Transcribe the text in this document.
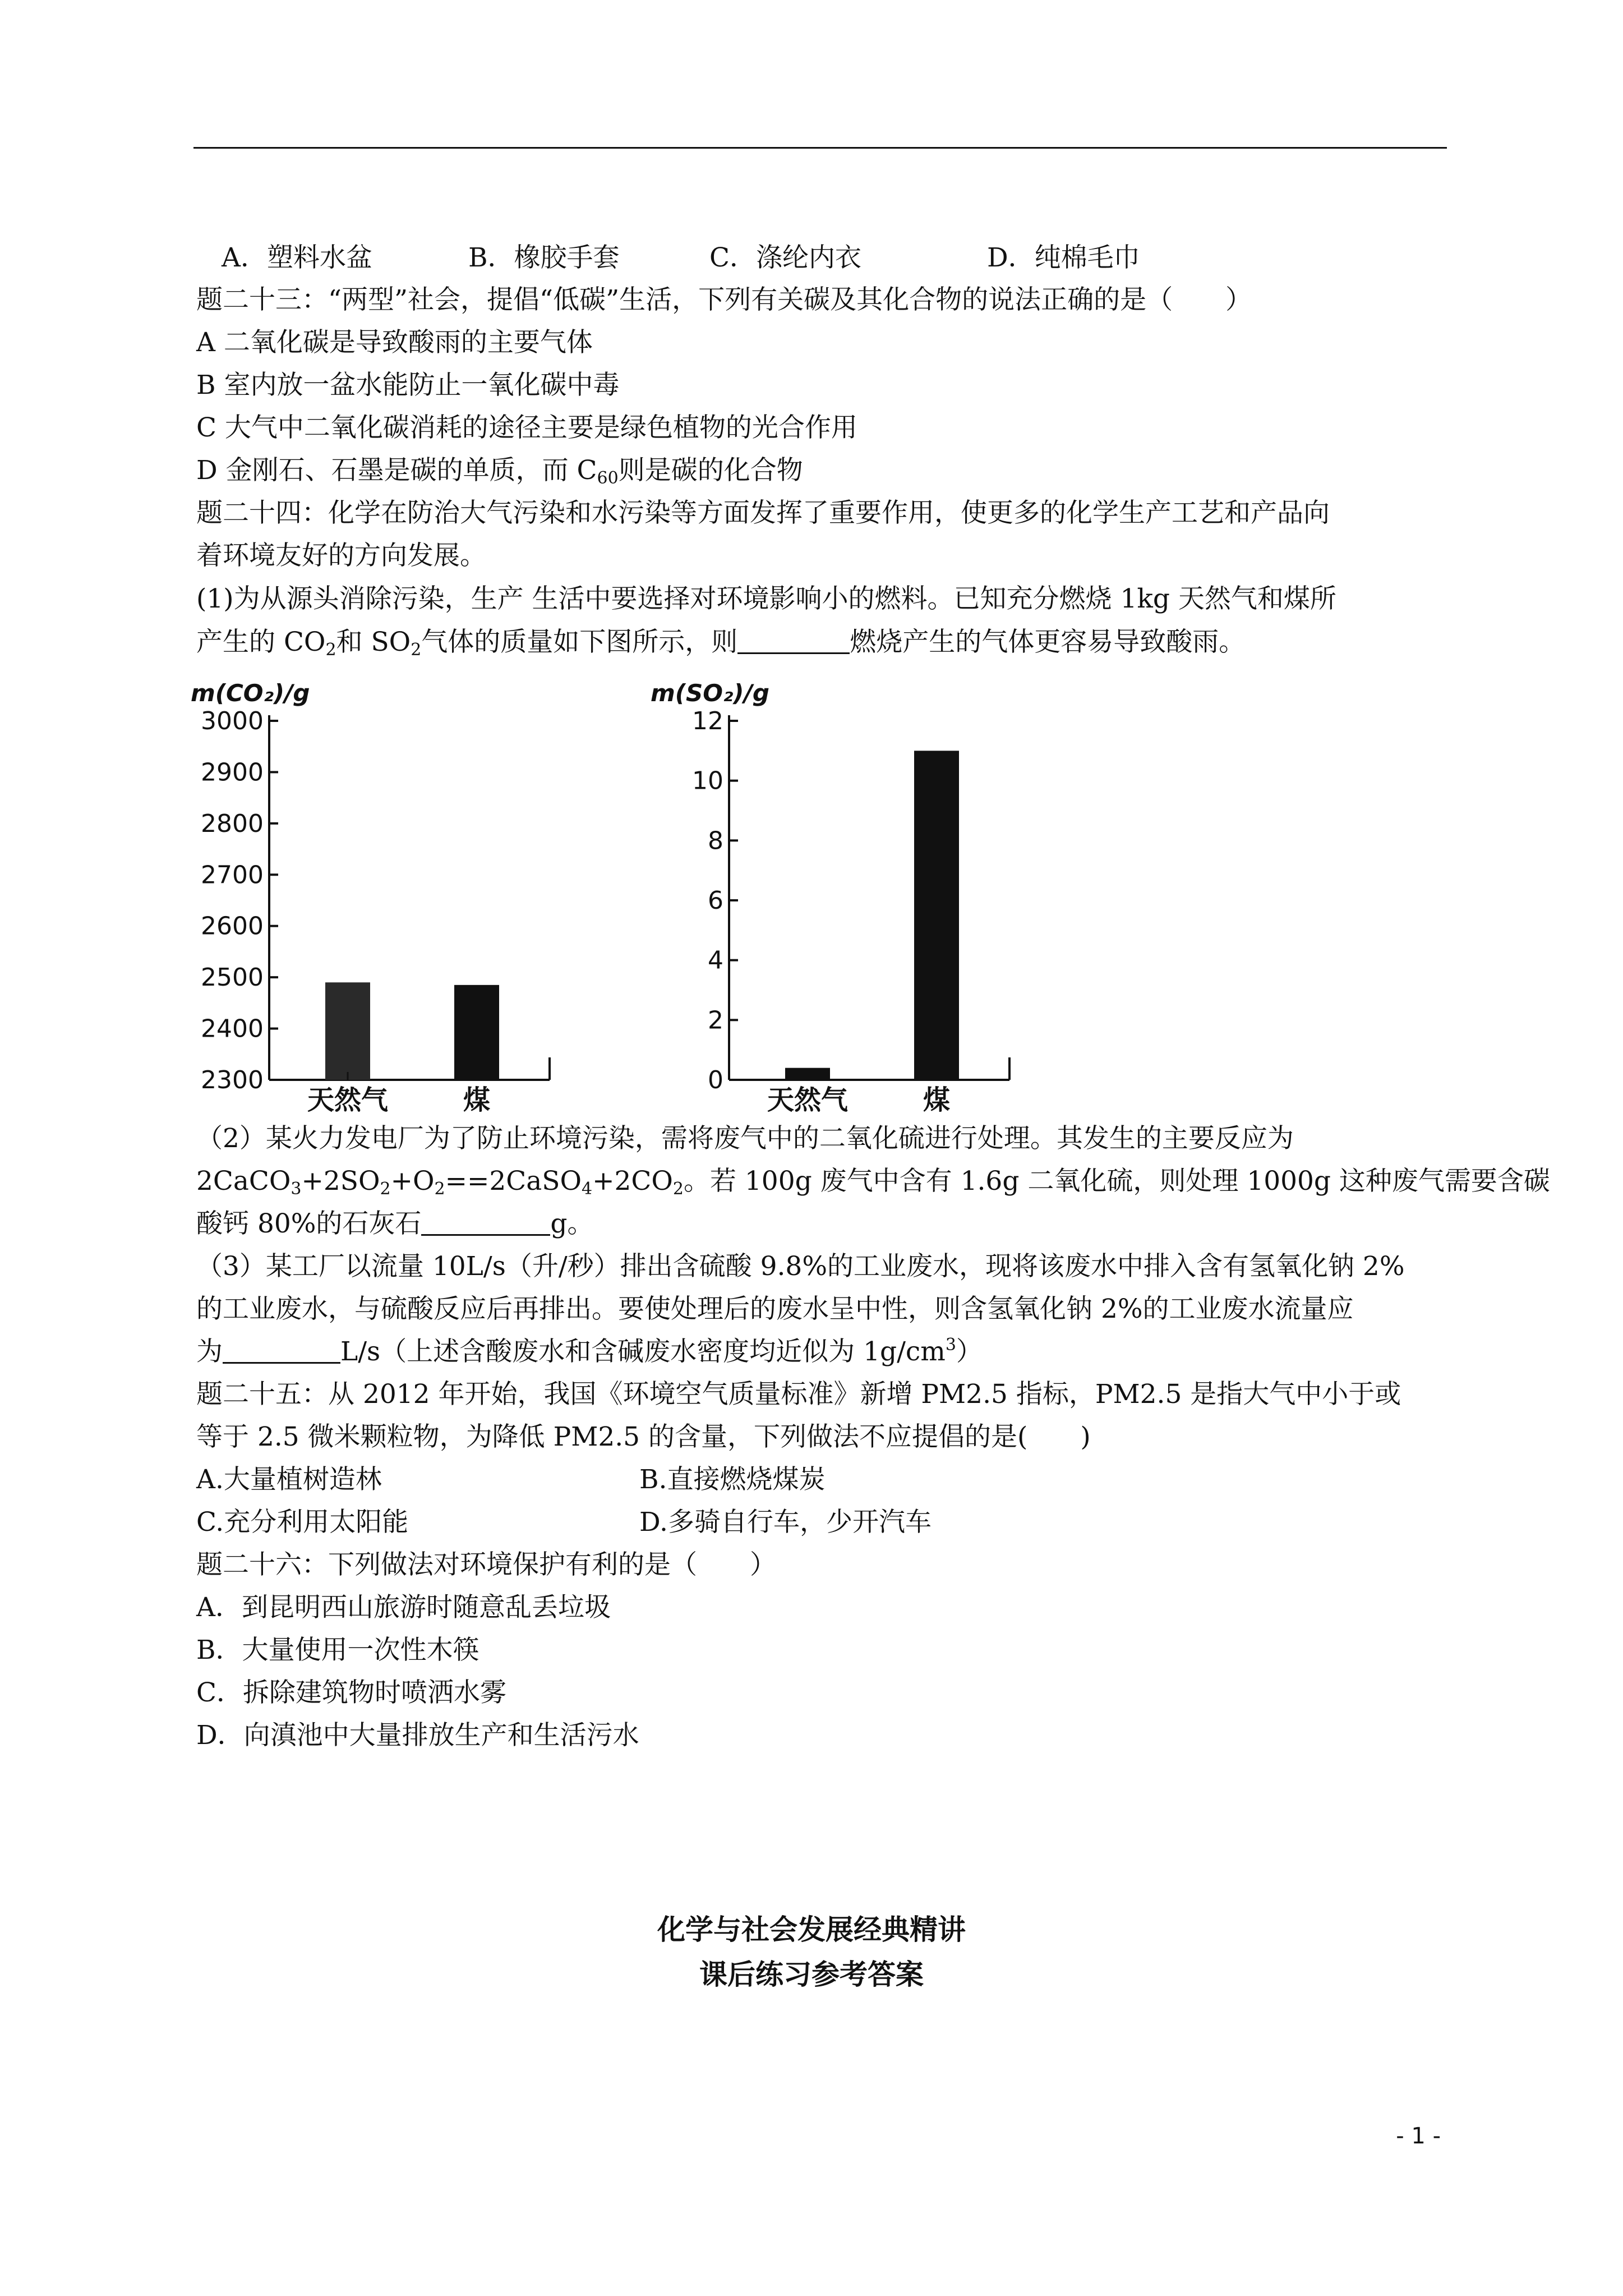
A．塑料水盆	B．橡胶手套	C．涤纶内衣	D．纯棉毛巾
题二十三：“两型”社会，提倡“低碳”生活，下列有关碳及其化合物的说法正确的是（　　）
A 二氧化碳是导致酸雨的主要气体
B 室内放一盆水能防止一氧化碳中毒
C 大气中二氧化碳消耗的途径主要是绿色植物的光合作用
D 金刚石、石墨是碳的单质，而 $C_{60}$则是碳的化合物
题二十四：化学在防治大气污染和水污染等方面发挥了重要作用，使更多的化学生产工艺和产品向
着环境友好的方向发展。
(1)为从源头消除污染，生产 生活中要选择对环境影响小的燃料。已知充分燃烧 1kg 天然气和煤所
产生的 $CO_2$和 $SO_2$气体的质量如下图所示，则	燃烧产生的气体更容易导致酸雨。
m(CO₂)/g
2300
2400
2500
2600
2700
2800
2900
3000
天然气	煤
m(SO₂)/g
0
2
4
6
8
10
12
天然气	煤
（2）某火力发电厂为了防止环境污染，需将废气中的二氧化硫进行处理。其发生的主要反应为
$2CaCO_3+2SO_2+O_2==2CaSO_4+2CO_2$。若 100g 废气中含有 1.6g 二氧化硫，则处理 1000g 这种废气需要含碳
酸钙 80%的石灰石	g。
（3）某工厂以流量 10L/s（升/秒）排出含硫酸 9.8%的工业废水，现将该废水中排入含有氢氧化钠 2%
的工业废水，与硫酸反应后再排出。要使处理后的废水呈中性，则含氢氧化钠 2%的工业废水流量应
为	L/s（上述含酸废水和含碱废水密度均近似为 $1g/cm^3$）
题二十五：从 2012 年开始，我国《环境空气质量标准》新增 PM2.5 指标，PM2.5 是指大气中小于或
等于 2.5 微米颗粒物，为降低 PM2.5 的含量，下列做法不应提倡的是(　　)
A.大量植树造林	B.直接燃烧煤炭
C.充分利用太阳能	D.多骑自行车，少开汽车
题二十六：下列做法对环境保护有利的是（　　）
A．到昆明西山旅游时随意乱丢垃圾
B．大量使用一次性木筷
C．拆除建筑物时喷洒水雾
D．向滇池中大量排放生产和生活污水
化学与社会发展经典精讲
课后练习参考答案
- 1 -
